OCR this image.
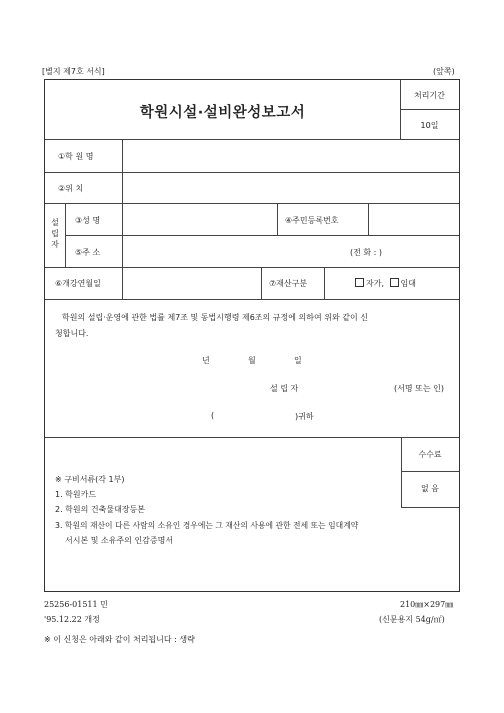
[별지 제7호 서식]	(앞쪽)
학원시설·설비완성보고서
처리기간
10일
①학 원 명
②위 치
설립자
③성 명	④주민등록번호
⑤주 소	(전 화 : )
⑥개강연월일	⑦재산구분	자가, 임대
학원의 설립·운영에 관한 법률 제7조 및 동법시행령 제6조의 규정에 의하여 위와 같이 신
청합니다.
년	월	일
설 립 자	(서명 또는 인)
(	)귀하
수수료
없 음
※ 구비서류(각 1부)
1. 학원카드
2. 학원의 건축물대장등본
3. 학원의 재산이 다른 사람의 소유인 경우에는 그 재산의 사용에 관한 전세 또는 임대계약
서시본 및 소유주의 인감증명서
25256-01511 민
'95.12.22 개정
210㎜×297㎜
(신문용지 54g/㎡)
※ 이 신청은 아래와 같이 처리됩니다 : 생략
